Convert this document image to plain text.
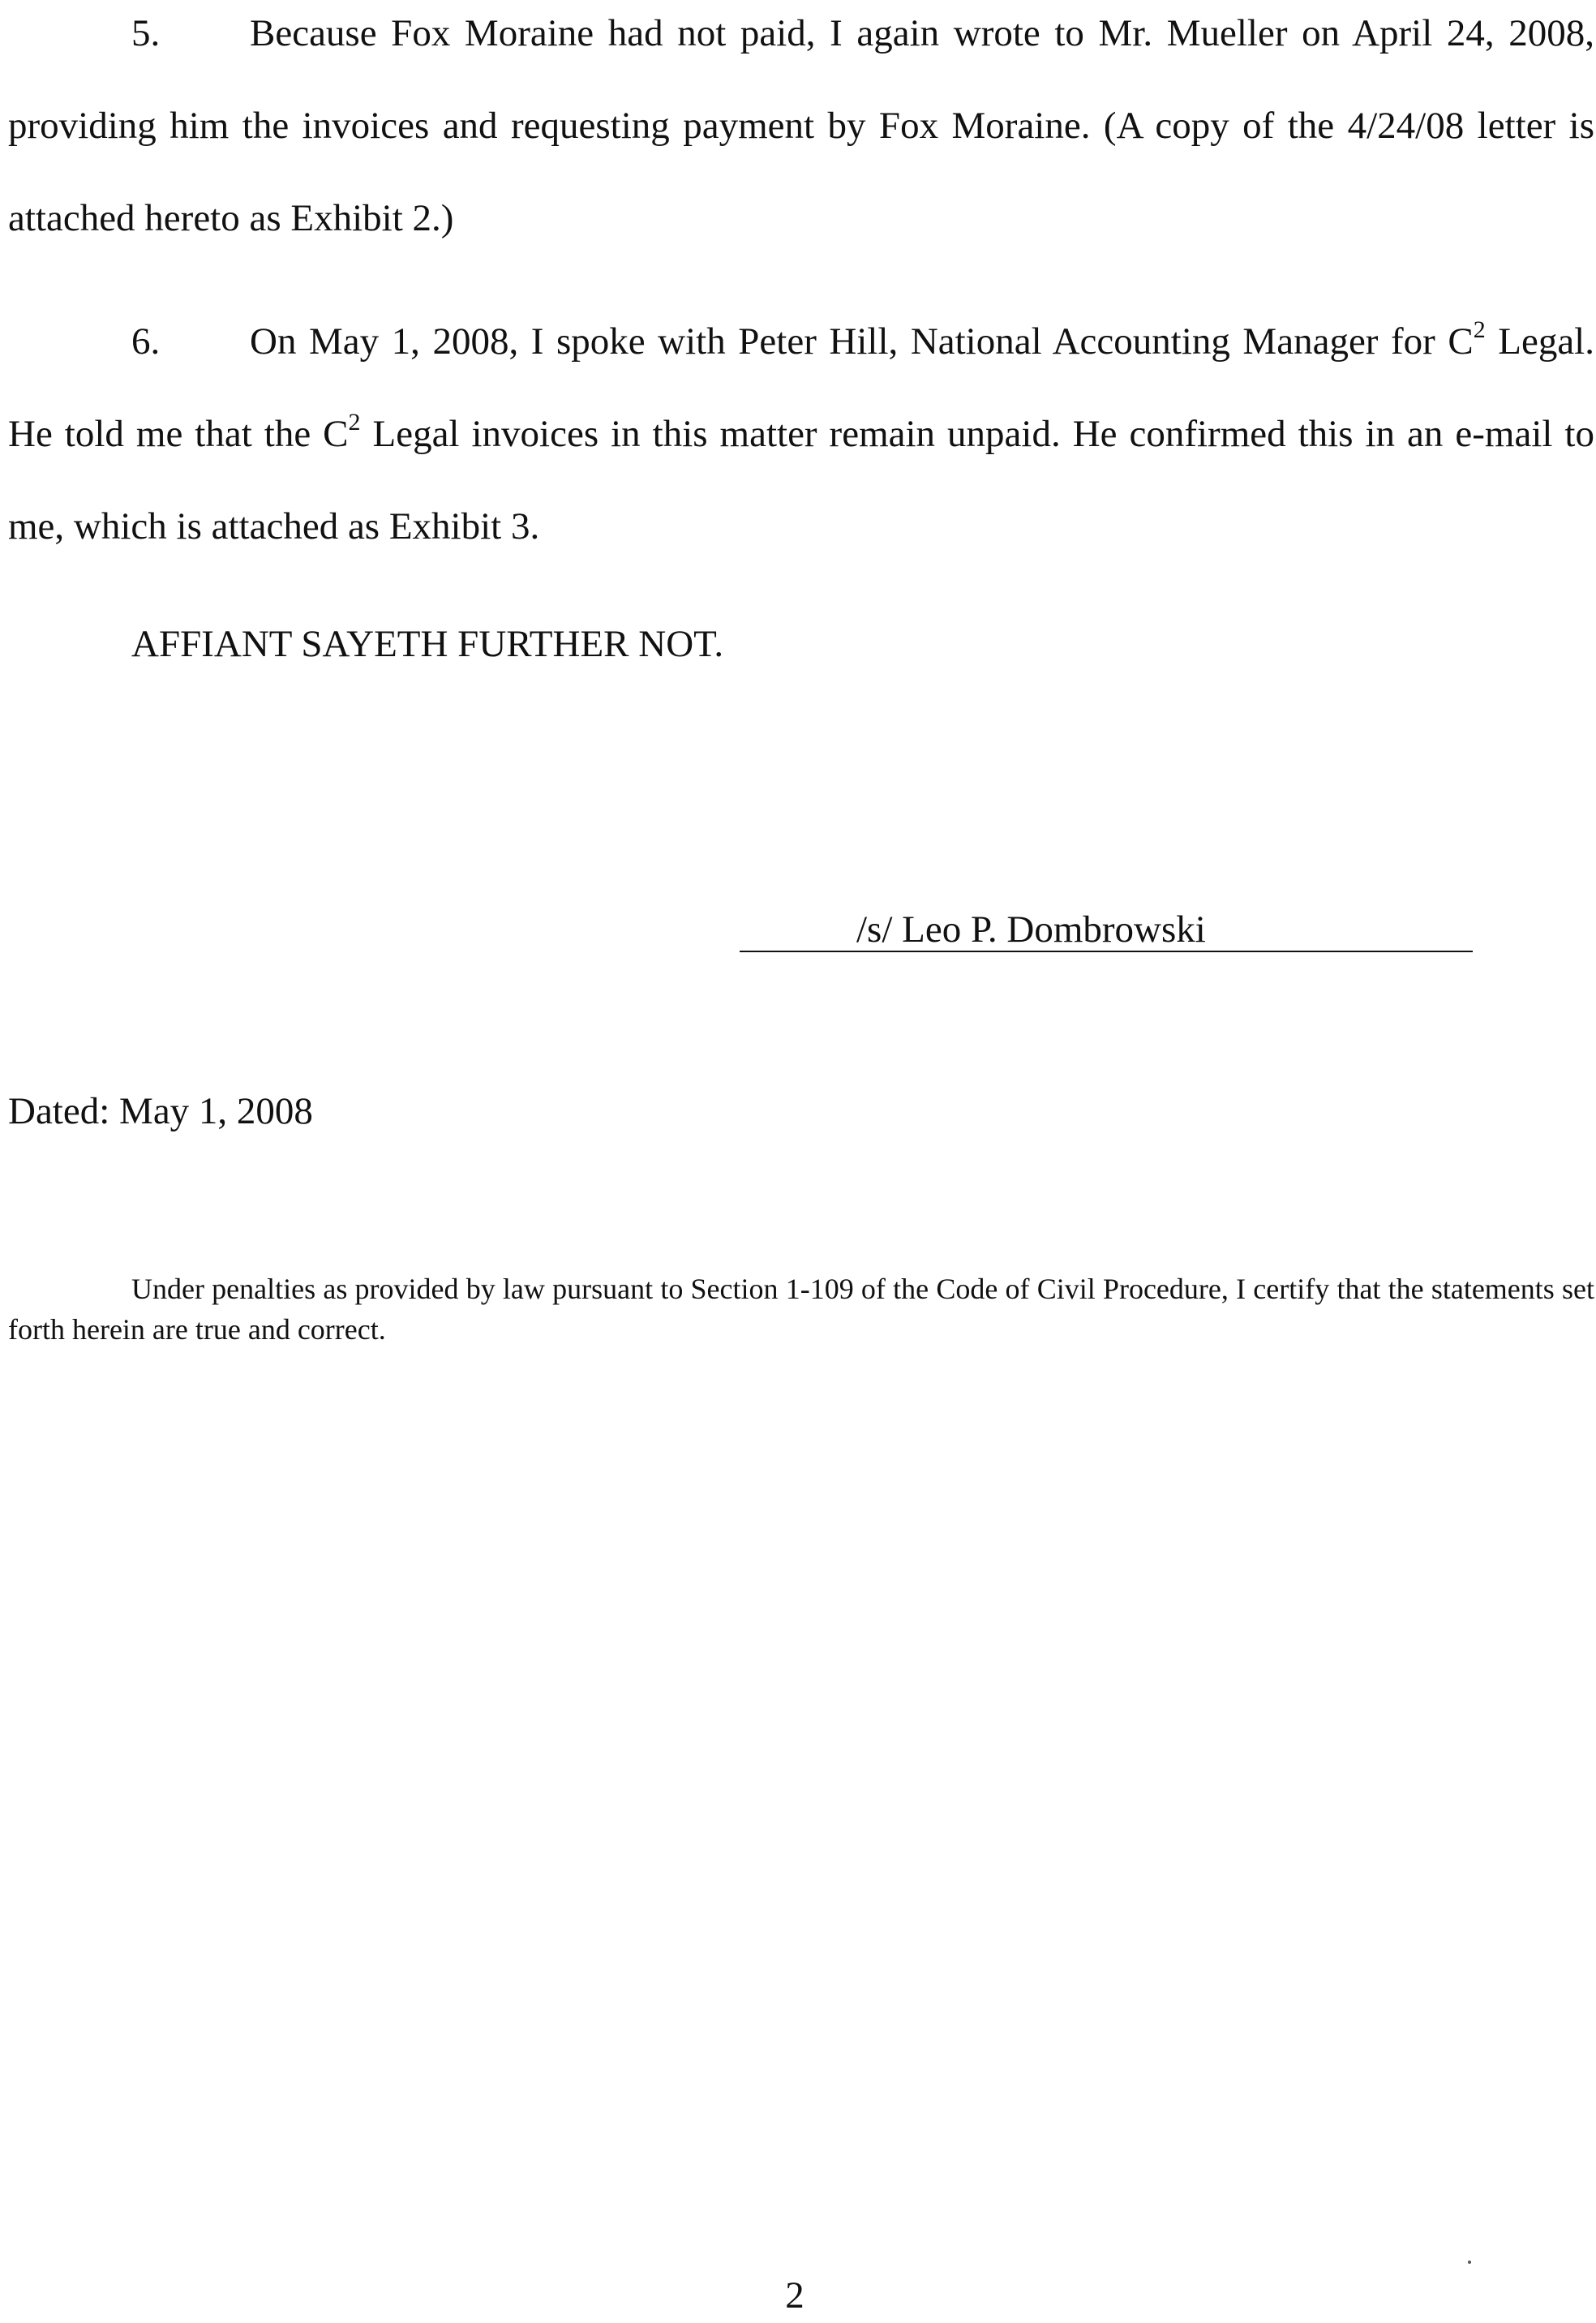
5. Because Fox Moraine had not paid, I again wrote to Mr. Mueller on April 24, 2008, providing him the invoices and requesting payment by Fox Moraine. (A copy of the 4/24/08 letter is attached hereto as Exhibit 2.)

6. On May 1, 2008, I spoke with Peter Hill, National Accounting Manager for $C^2$ Legal. He told me that the $C^2$ Legal invoices in this matter remain unpaid. He confirmed this in an e-mail to me, which is attached as Exhibit 3.

AFFIANT SAYETH FURTHER NOT.
/s/ Leo P. Dombrowski
Dated: May 1, 2008

Under penalties as provided by law pursuant to Section 1-109 of the Code of Civil Procedure, I certify that the statements set forth herein are true and correct.

2
